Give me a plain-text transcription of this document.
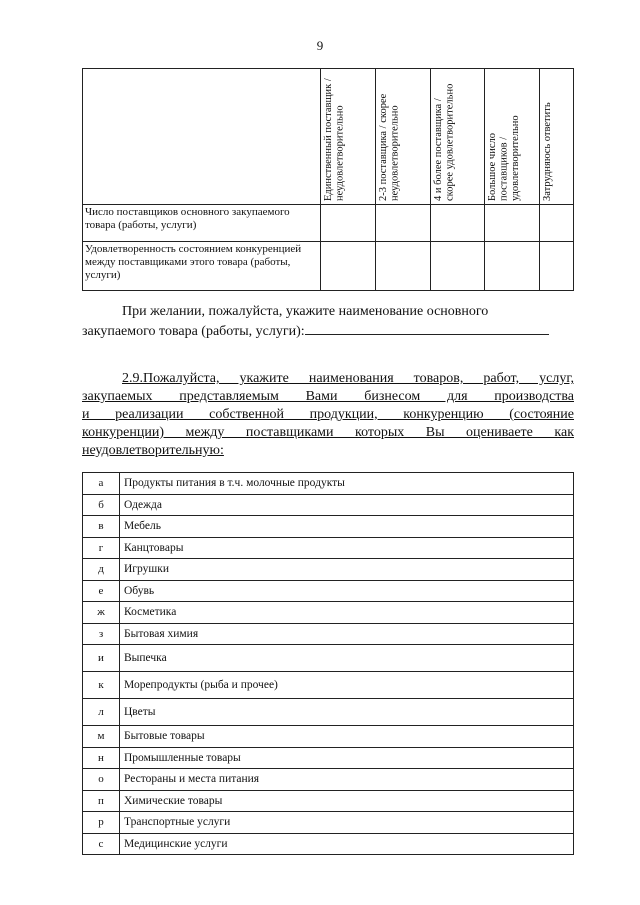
9

	Единственный поставщик / неудовлетворительно	2-3 поставщика / скорее неудовлетворительно	4 и более поставщика / скорее удовлетворительно	Большое число поставщиков / удовлетворительно	Затрудняюсь ответить

Число поставщиков основного закупаемого товара (работы, услуги)					

Удовлетворенность состоянием конкуренцией между поставщиками этого товара (работы, услуги)					

При желании, пожалуйста, укажите наименование основного
закупаемого товара (работы, услуги):
2.9.Пожалуйста, укажите наименования товаров, работ, услуг,
закупаемых представляемым Вами бизнесом для производства
и реализации собственной продукции, конкуренцию (состояние
конкуренции) между поставщиками которых Вы оцениваете как
неудовлетворительную:
а	Продукты питания в т.ч. молочные продукты
б	Одежда
в	Мебель
г	Канцтовары
д	Игрушки
е	Обувь
ж	Косметика
з	Бытовая химия
и	Выпечка
к	Морепродукты (рыба и прочее)
л	Цветы
м	Бытовые товары
н	Промышленные товары
о	Рестораны и места питания
п	Химические товары
р	Транспортные услуги
с	Медицинские услуги
